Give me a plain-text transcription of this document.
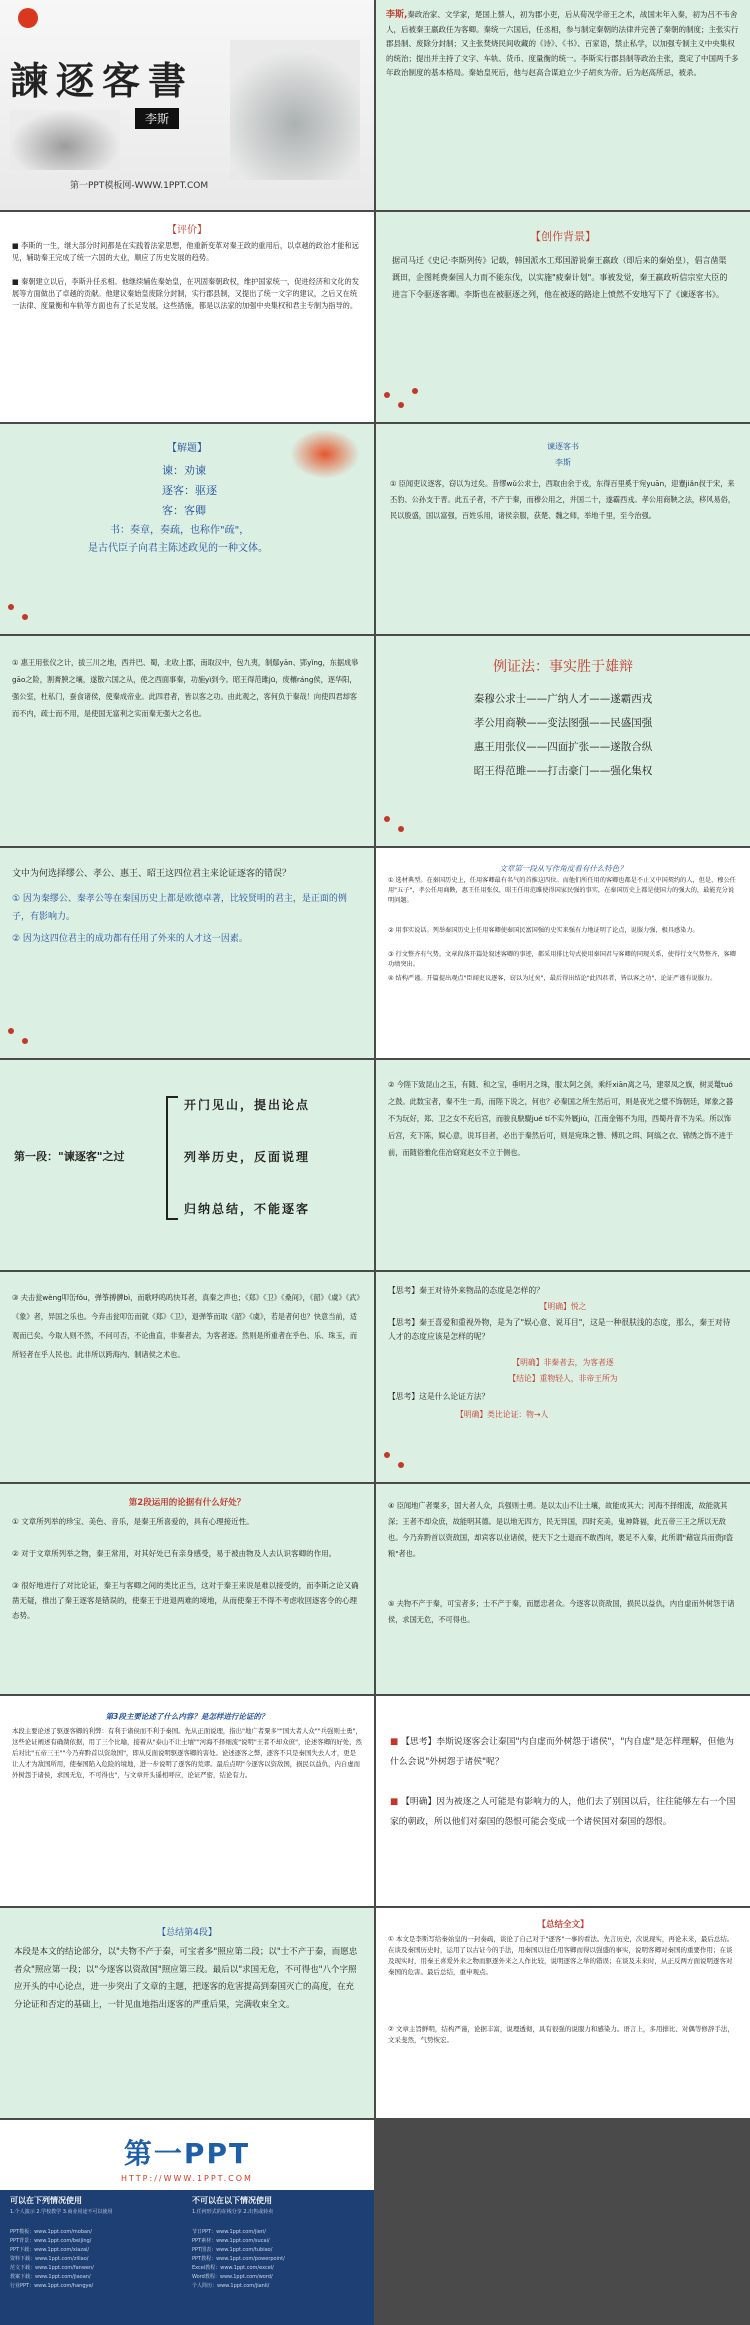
諫逐客書
李斯
第一PPT模板网-WWW.1PPT.COM
李斯,秦政治家、文学家，楚国上蔡人，初为郡小吏，后从荀况学帝王之术，战国末年入秦，初为吕不韦舍人，后被秦王嬴政任为客卿。秦统一六国后，任丞相，参与制定秦朝的法律并完善了秦朝的制度；主张实行郡县制、废除分封制；又主张焚烧民间收藏的《诗》、《书》、百家语，禁止私学，以加强专制主义中央集权的统治；提出并主持了文字、车轨、货币、度量衡的统一。李斯实行郡县制等政治主张，奠定了中国两千多年政治制度的基本格局。秦始皇死后，他与赵高合谋迫立少子胡亥为帝。后为赵高所忌，被杀。
【评价】
■ 李斯的一生，继大部分时间都是在实践着法家思想，他重新变革对秦王政的重用后，以卓越的政治才能和远见，辅助秦王完成了统一六国的大业，顺应了历史发展的趋势。
■ 秦朝建立以后，李斯升任丞相。他继续辅佐秦始皇，在巩固秦朝政权，维护国家统一，促进经济和文化的发展等方面做出了卓越的贡献。他建议秦始皇废除分封制，实行郡县制，又提出了统一文字的建议，之后又在统一法律、度量衡和车轨等方面也有了长足发展，这些措施，都是以法家的加强中央集权和君主专制为指导的。
【创作背景】
据司马迁《史记·李斯列传》记载，韩国派水工郑国游说秦王嬴政（即后来的秦始皇），倡言凿渠溉田，企图耗费秦国人力而不能东伐，以实施"疲秦计划"。事被发觉，秦王嬴政听信宗室大臣的进言下令驱逐客卿。李斯也在被驱逐之列，他在被逐的路途上愤然不安地写下了《谏逐客书》。
【解题】
谏：劝谏
逐客：驱逐
客：客卿
书：奏章，奏疏，也称作"疏"，
是古代臣子向君主陈述政见的一种文体。
谏逐客书
李斯
① 臣闻吏议逐客，窃以为过矣。昔缪wǔ公求士，西取由余于戎，东得百里奚于宛yuān，迎蹇jiǎn叔于宋，来丕豹、公孙支于晋。此五子者，不产于秦，而穆公用之，并国二十，遂霸西戎。孝公用商鞅之法，移风易俗，民以殷盛，国以富强，百姓乐用，诸侯亲服，获楚、魏之师，举地千里，至今治强。
① 惠王用张仪之计，拔三川之地，西并巴、蜀，北收上郡，南取汉中，包九夷，制鄢yān、郢yǐng，东据成皋gāo之险，割膏腴之壤，遂散六国之从，使之西面事秦，功施yì到今。昭王得范雎jū，废穰ráng侯，逐华阳，强公室，杜私门，蚕食诸侯，使秦成帝业。此四君者，皆以客之功。由此观之，客何负于秦哉！向使四君却客而不内，疏士而不用，是使国无富利之实而秦无强大之名也。
例证法：事实胜于雄辩
秦穆公求士——广纳人才——遂霸西戎
孝公用商鞅——变法图强——民盛国强
惠王用张仪——四面扩张——遂散合纵
昭王得范雎——打击豪门——强化集权
文中为何选择缪公、孝公、惠王、昭王这四位君主来论证逐客的错误？
① 因为秦缪公、秦孝公等在秦国历史上都是欧德卓著，比较贤明的君主，是正面的例子，有影响力。
② 因为这四位君主的成功都有任用了外来的人才这一因素。
文章第一段从写作角度看有什么特色？
① 选材典型。在秦国历史上，任用客卿最有名气的首推这四位。而他们所任用的客卿也都是不止又中国契约的人，但是，穆公任用"五子"，孝公任用商鞅，惠王任用张仪，昭王任用范雎使得国家民强的事实，在秦国历史上都是使国力的强大的，最能充分说明问题。
② 用事实说话。列举秦国历史上任用客卿使秦国民富国强的史实来强有力地证明了论点，说服力强，极具感染力。
③ 行文整齐有气势。文章段落开篇处叙述客卿的事迹，都采用排比句式使用秦国君与客卿的同现关系，使得行文气势整齐，客卿功绩突出。
④ 结构严谨。开篇提出观点"臣闻吏议逐客，窃以为过矣"，最后得出结论"此四君者，皆以客之功"，论证严谨有说服力。
第一段："谏逐客"之过
开门见山，提出论点
列举历史，反面说理
归纳总结，不能逐客
② 今陛下致昆山之玉，有随、和之宝，垂明月之珠，服太阿之剑，乘纤xiān离之马，建翠凤之旗，树灵鼍tuó之鼓。此数宝者，秦不生一焉，而陛下说之，何也？必秦国之所生然后可，则是夜光之璧不饰朝廷，犀象之器不为玩好，郑、卫之女不充后宫，而骏良駃騠jué tí不实外厩jiù，江南金锡不为用，西蜀丹青不为采。所以饰后宫，充下陈，娱心意，说耳目者，必出于秦然后可，则是宛珠之簪、傅玑之珥、阿缟之衣、锦绣之饰不进于前，而随俗雅化佳冶窈窕赵女不立于侧也。
③ 夫击瓮wèng叩缶fǒu，弹筝搏髀bì，而歌呼呜呜快耳者，真秦之声也；《郑》《卫》《桑间》，《韶》《虞》《武》《象》者，异国之乐也。今弃击瓮叩缶而就《郑》《卫》，退弹筝而取《韶》《虞》，若是者何也？快意当前，适观而已矣。今取人则不然，不问可否，不论曲直，非秦者去，为客者逐。然则是所重者在乎色、乐、珠玉，而所轻者在乎人民也。此非所以跨海内、制诸侯之术也。
【思考】秦王对待外来物品的态度是怎样的？
【明确】悦之
【思考】秦王喜爱和重视外物，是为了"娱心意、说耳目"，这是一种很肤浅的态度，那么，秦王对待人才的态度应该是怎样的呢？
【明确】非秦者去，为客者逐
【结论】重物轻人，非帝王所为
【思考】这是什么论证方法？
【明确】类比论证：物→人
第2段运用的论据有什么好处？
① 文章所列举的珍宝、美色、音乐，是秦王所喜爱的，具有心理接近性。
② 对于文章所列举之物，秦王常用，对其好处已有亲身感受，易于被由物及人去认识客卿的作用。
③ 很好地进行了对比论证，秦王与客卿之间的类比正当，这对于秦王来说是难以接受的，而李斯之论又确凿无疑，推出了秦王逐客是错误的，使秦王于进退两难的境地，从而使秦王不得不考虑收回逐客令的心理态势。
④ 臣闻地广者粟多，国大者人众，兵强则士勇。是以太山不让土壤，故能成其大；河海不择细流，故能就其深；王者不却众庶，故能明其德。是以地无四方，民无异国，四时充美，鬼神降福，此五帝三王之所以无敌也。今乃弃黔首以资敌国，却宾客以业诸侯，使天下之士退而不敢西向，裹足不入秦，此所谓"藉寇兵而赍jī盗粮"者也。
⑤ 夫物不产于秦，可宝者多；士不产于秦，而愿忠者众。今逐客以资敌国，损民以益仇，内自虚而外树怨于诸侯，求国无危，不可得也。
第3段主要论述了什么内容？是怎样进行论证的？
本段主要论述了驱逐客卿的利弊：有利于诸侯而不利于秦国。先从正面说理，指出"地广者粟多""国大者人众""兵强则士勇"，这些论证阐述有确凿依据，用了三个比喻，接着从"泰山不让土壤""河海不择细流"说明"王者不却众庶"，论述客卿的好处，然后对比"五帝三王""今乃弃黔首以资敌国"，即从反面说明驱逐客卿的害处。论述逐客之弊，逐客不只是秦国失去人才，更是让人才为敌国所用，使秦国陷入危险的境地，进一步说明了逐客的荒谬。最后点明"今逐客以资敌国，损民以益仇，内自虚而外树怨于诸侯，求国无危，不可得也"，与文章开头遥相呼应，论证严密，结论有力。
■ 【思考】李斯说逐客会让秦国"内自虚而外树怨于诸侯"，"内自虚"是怎样理解，但他为什么会说"外树怨于诸侯"呢？
■ 【明确】因为被逐之人可能是有影响力的人，他们去了别国以后，往往能够左右一个国家的朝政，所以他们对秦国的怨恨可能会变成一个诸侯国对秦国的怨恨。
【总结第4段】
本段是本文的结论部分，以"夫物不产于秦，可宝者多"照应第二段；以"士不产于秦，而愿忠者众"照应第一段；以"今逐客以资敌国"照应第三段。最后以"求国无危，不可得也"八个字照应开头的中心论点，进一步突出了文章的主题，把逐客的危害提高到秦国灭亡的高度，在充分论证和否定的基础上，一针见血地指出逐客的严重后果，完满收束全文。
【总结全文】
① 本文是李斯写给秦始皇的一封奏疏，谈论了自己对于"逐客"一事的看法。先言历史，次说现实，再论未来，最后总结。在谈及秦国历史时，运用了以古证今的手法，用秦国以往任用客卿而得以强盛的事实，说明客卿对秦国的重要作用；在谈及现实时，用秦王喜爱外来之物而驱逐外来之人作比较，说明逐客之举的错误；在谈及未来时，从正反两方面说明逐客对秦国的危害。最后总结，重申观点。
② 文章主旨鲜明，结构严谨，论据丰富，说理透彻，具有很强的说服力和感染力。语言上，多用排比、对偶等修辞手法，文采斐然，气势恢宏。
第一PPT
HTTP://WWW.1PPT.COM
可以在下列情况使用
1.个人演示 2.学校教学 3.商业用途不可以使用
不可以在以下情况使用
1.任何形式的在线分享 2.出售或转卖
PPT模板：www.1ppt.com/moban/
PPT背景：www.1ppt.com/beijing/
PPT下载：www.1ppt.com/xiazai/
资料下载：www.1ppt.com/ziliao/
范文下载：www.1ppt.com/fanwen/
教案下载：www.1ppt.com/jiaoan/
行业PPT：www.1ppt.com/hangye/
节日PPT：www.1ppt.com/jieri/
PPT素材：www.1ppt.com/sucai/
PPT图表：www.1ppt.com/tubiao/
PPT教程：www.1ppt.com/powerpoint/
Excel教程：www.1ppt.com/excel/
Word教程：www.1ppt.com/word/
个人简历：www.1ppt.com/jianli/
